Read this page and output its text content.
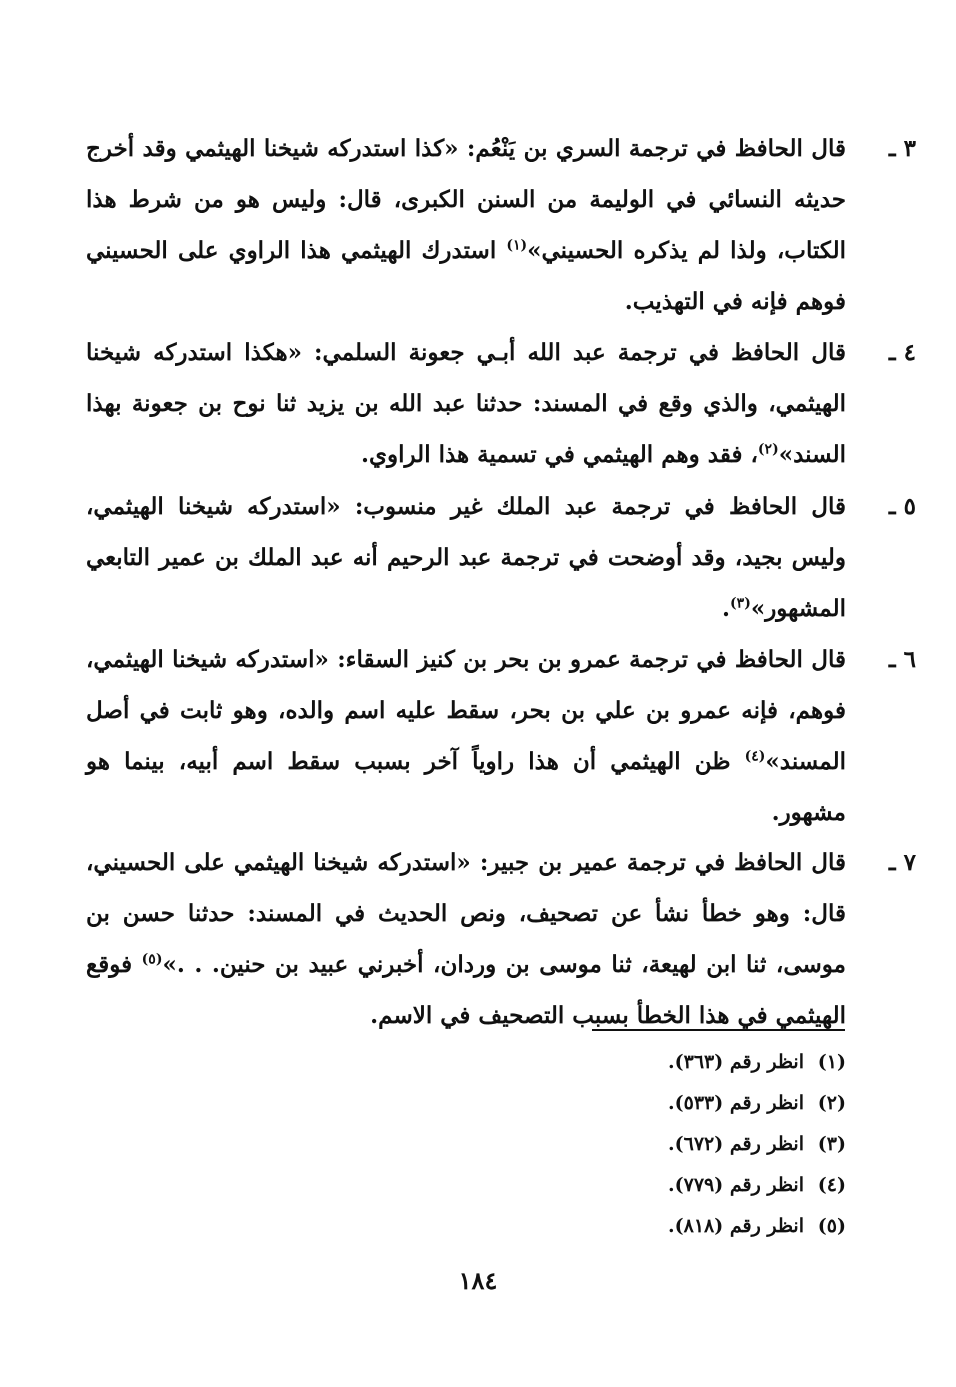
٣ ـ
قال الحافظ في ترجمة السري بن يَنْعُم: «كذا استدركه شيخنا الهيثمي وقد أخرج حديثه النسائي في الوليمة من السنن الكبرى، قال: وليس هو من شرط هذا الكتاب، ولذا لم يذكره الحسيني»$^{(١)}$ استدرك الهيثمي هذا الراوي على الحسيني فوهم فإنه في التهذيب.
٤ ـ
قال الحافظ في ترجمة عبد الله أبـي جعونة السلمي: «هكذا استدركه شيخنا الهيثمي، والذي وقع في المسند: حدثنا عبد الله بن يزيد ثنا نوح بن جعونة بهذا السند»$^{(٢)}$، فقد وهم الهيثمي في تسمية هذا الراوي.
٥ ـ
قال الحافظ في ترجمة عبد الملك غير منسوب: «استدركه شيخنا الهيثمي، وليس بجيد، وقد أوضحت في ترجمة عبد الرحيم أنه عبد الملك بن عمير التابعي المشهور»$^{(٣)}$.
٦ ـ
قال الحافظ في ترجمة عمرو بن بحر بن كنيز السقاء: «استدركه شيخنا الهيثمي، فوهم، فإنه عمرو بن علي بن بحر، سقط عليه اسم والده، وهو ثابت في أصل المسند»$^{(٤)}$ ظن الهيثمي أن هذا راوياً آخر بسبب سقط اسم أبيه، بينما هو مشهور.
٧ ـ
قال الحافظ في ترجمة عمير بن جبير: «استدركه شيخنا الهيثمي على الحسيني، قال: وهو خطأ نشأ عن تصحيف، ونص الحديث في المسند: حدثنا حسن بن موسى، ثنا ابن لهيعة، ثنا موسى بن وردان، أخبرني عبيد بن حنين. . .»$^{(٥)}$ فوقع الهيثمي في هذا الخطأ بسبب التصحيف في الاسم.
(١)انظر رقم (٣٦٣).
(٢)انظر رقم (٥٣٣).
(٣)انظر رقم (٦٧٢).
(٤)انظر رقم (٧٧٩).
(٥)انظر رقم (٨١٨).
١٨٤
